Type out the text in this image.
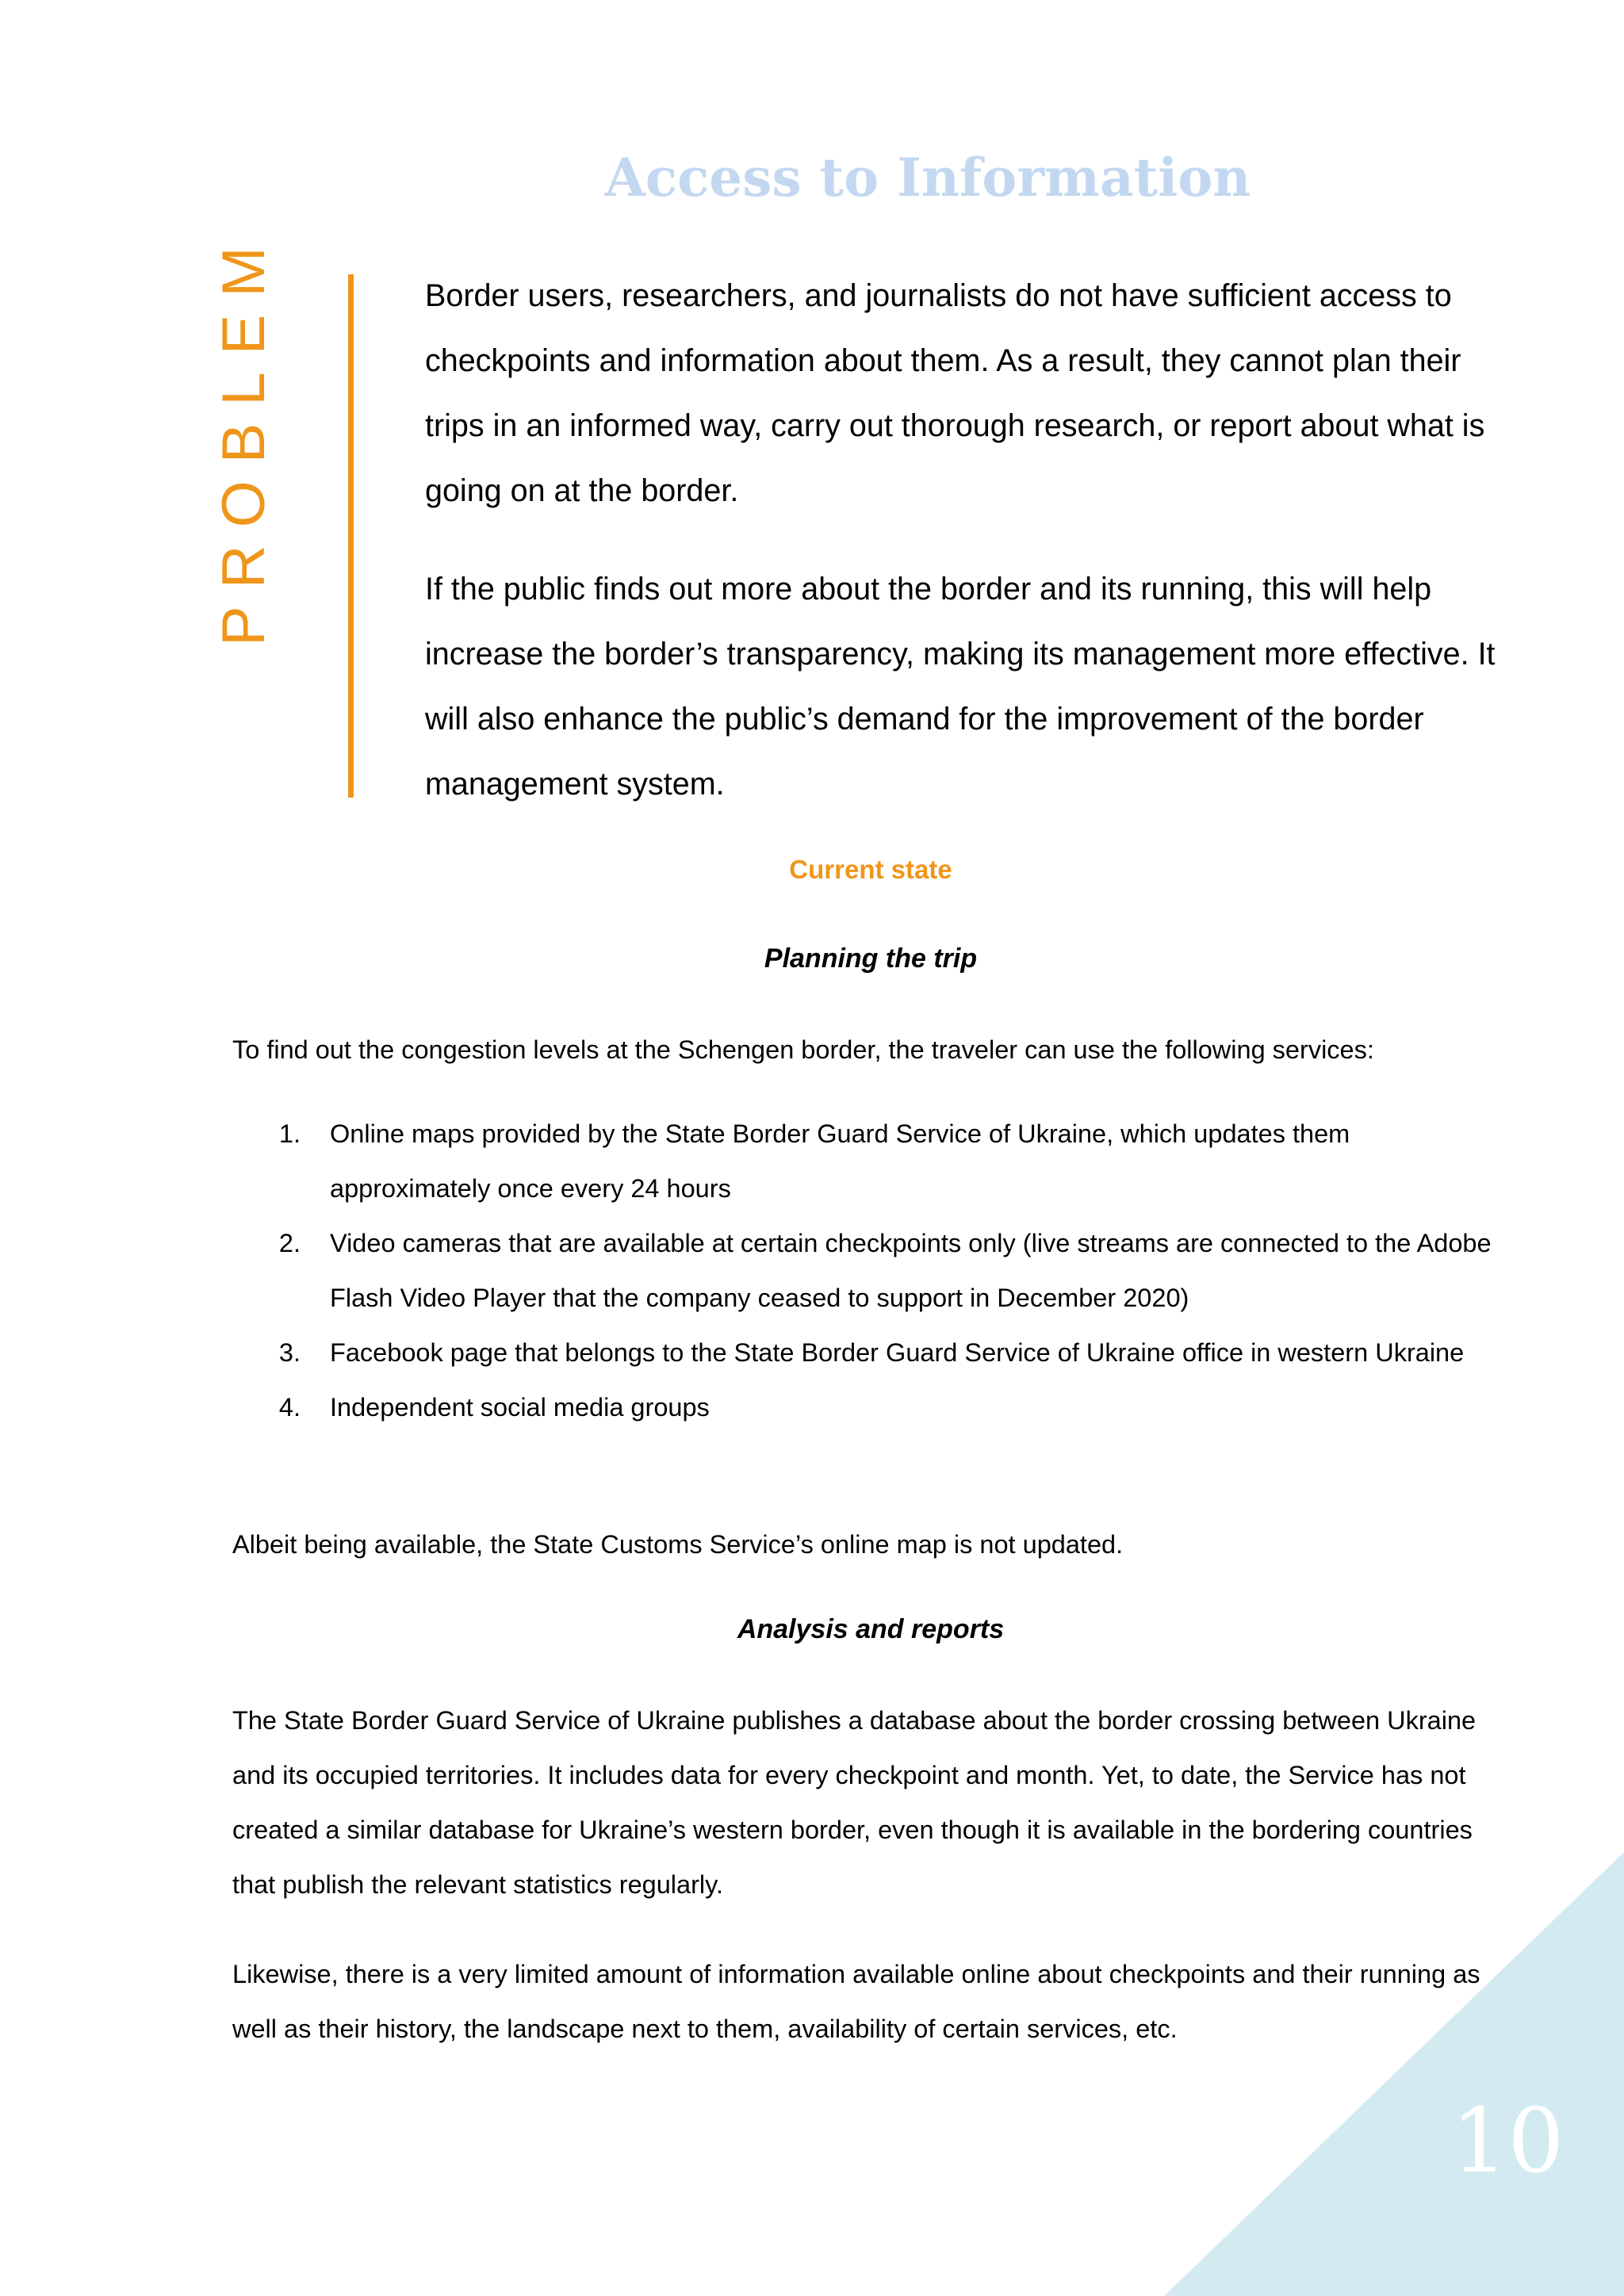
10

Access to Information
PROBLEM	Border users, researchers, and journalists do not have sufficient access to checkpoints and information about them. As a result, they cannot plan their trips in an informed way, carry out thorough research, or report about what is going on at the border.

If the public finds out more about the border and its running, this will help increase the border’s transparency, making its management more effective. It will also enhance the public’s demand for the improvement of the border management system.

Current state
Planning the trip

To find out the congestion levels at the Schengen border, the traveler can use the following services:

1.	Online maps provided by the State Border Guard Service of Ukraine, which updates them approximately once every 24 hours
2.	Video cameras that are available at certain checkpoints only (live streams are connected to the Adobe Flash Video Player that the company ceased to support in December 2020)
3.	Facebook page that belongs to the State Border Guard Service of Ukraine office in western Ukraine
4.	Independent social media groups

Albeit being available, the State Customs Service’s online map is not updated.

Analysis and reports

The State Border Guard Service of Ukraine publishes a database about the border crossing between Ukraine and its occupied territories. It includes data for every checkpoint and month. Yet, to date, the Service has not created a similar database for Ukraine’s western border, even though it is available in the bordering countries that publish the relevant statistics regularly.

Likewise, there is a very limited amount of information available online about checkpoints and their running as well as their history, the landscape next to them, availability of certain services, etc.
